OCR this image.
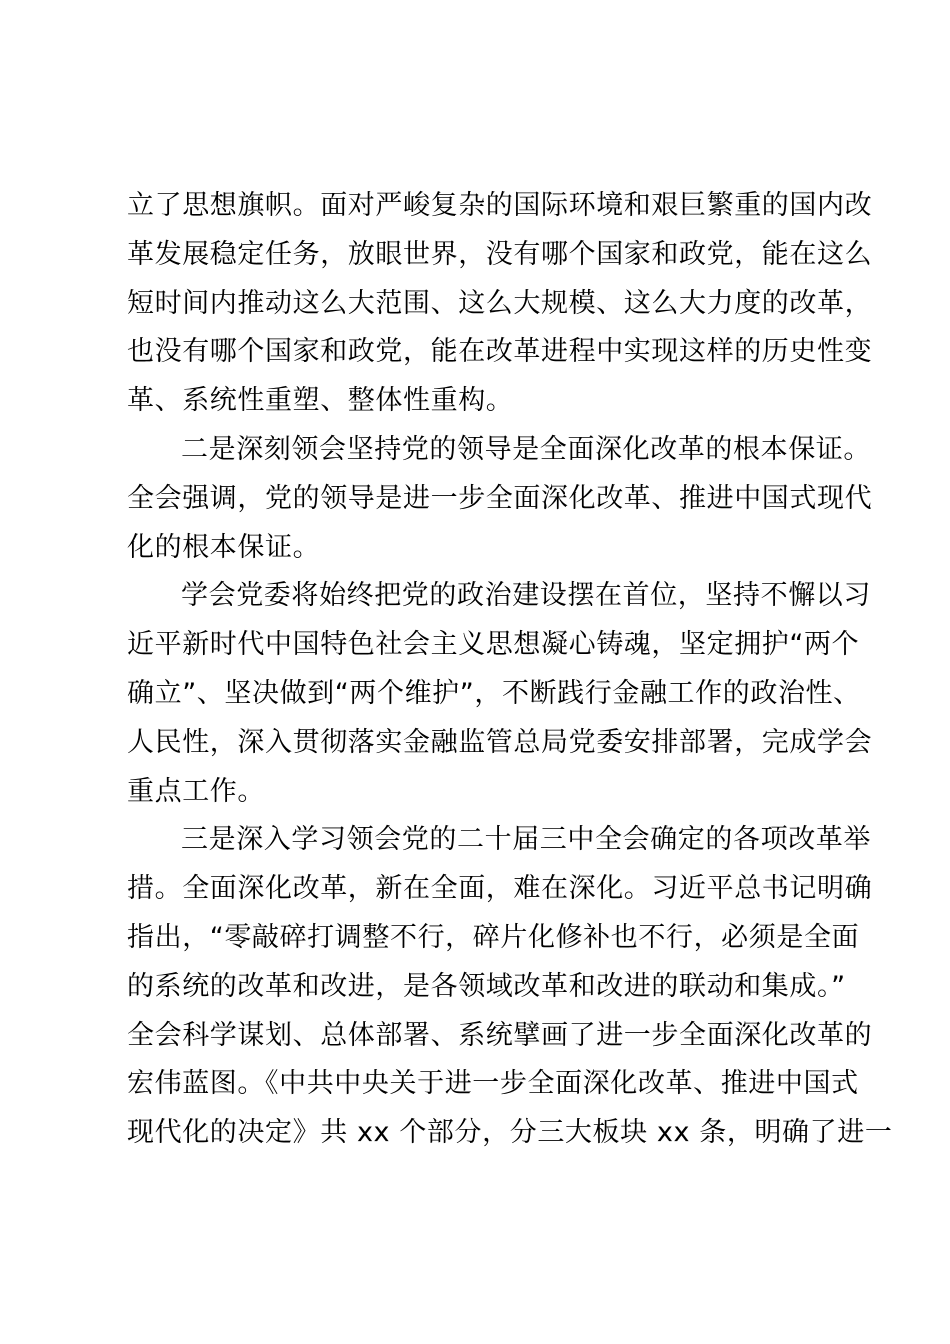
立了思想旗帜。面对严峻复杂的国际环境和艰巨繁重的国内改
革发展稳定任务，放眼世界，没有哪个国家和政党，能在这么
短时间内推动这么大范围、这么大规模、这么大力度的改革，
也没有哪个国家和政党，能在改革进程中实现这样的历史性变
革、系统性重塑、整体性重构。
二是深刻领会坚持党的领导是全面深化改革的根本保证。
全会强调，党的领导是进一步全面深化改革、推进中国式现代
化的根本保证。
学会党委将始终把党的政治建设摆在首位，坚持不懈以习
近平新时代中国特色社会主义思想凝心铸魂，坚定拥护“两个
确立”、坚决做到“两个维护”，不断践行金融工作的政治性、
人民性，深入贯彻落实金融监管总局党委安排部署，完成学会
重点工作。
三是深入学习领会党的二十届三中全会确定的各项改革举
措。全面深化改革，新在全面，难在深化。习近平总书记明确
指出，“零敲碎打调整不行，碎片化修补也不行，必须是全面
的系统的改革和改进，是各领域改革和改进的联动和集成。”
全会科学谋划、总体部署、系统擘画了进一步全面深化改革的
宏伟蓝图。《中共中央关于进一步全面深化改革、推进中国式
现代化的决定》共 xx 个部分，分三大板块 xx 条，明确了进一
